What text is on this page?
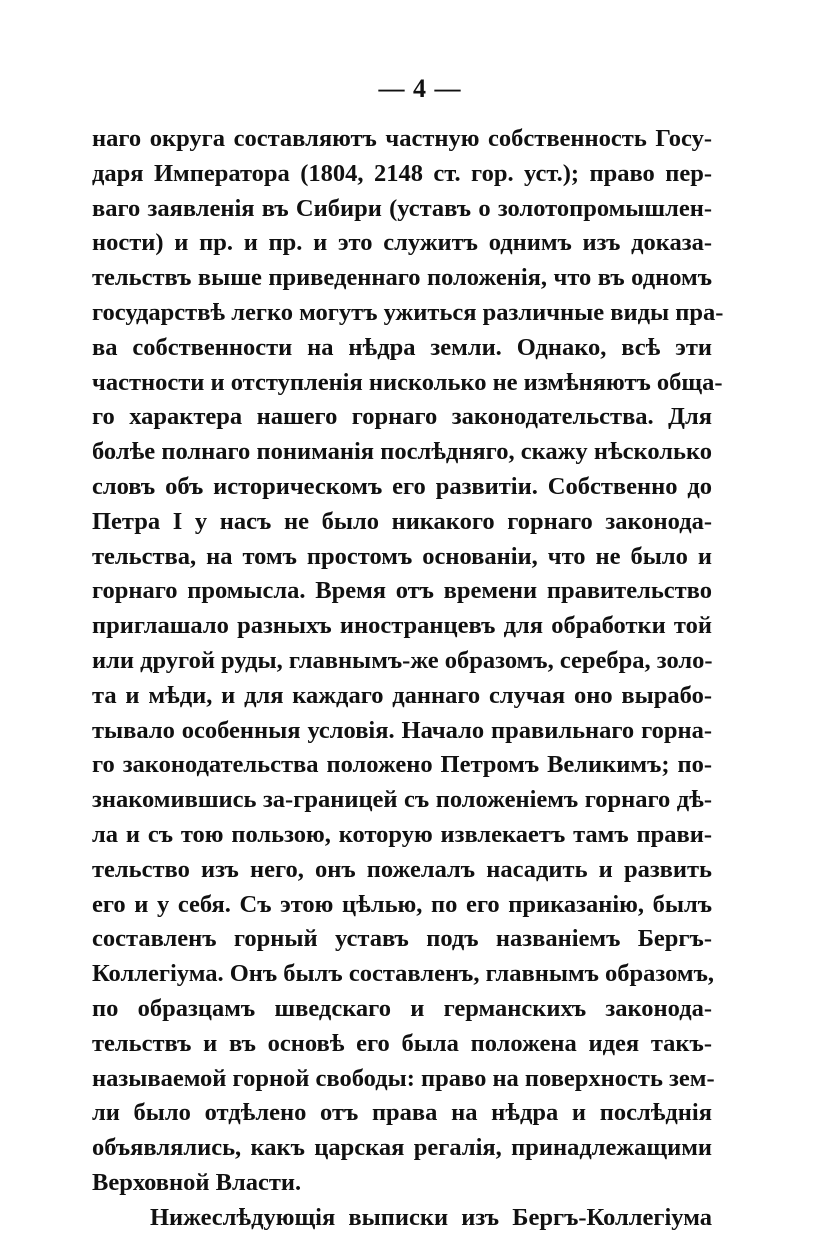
— 4 —
наго округа составляютъ частную собственность Госу-
даря Императора (1804, 2148 ст. гор. уст.); право пер-
ваго заявленія въ Сибири (уставъ о золотопромышлен-
ности) и пр. и пр. и это служитъ однимъ изъ доказа-
тельствъ выше приведеннаго положенія, что въ одномъ
государствѣ легко могутъ ужиться различные виды пра-
ва собственности на нѣдра земли. Однако, всѣ эти
частности и отступленія нисколько не измѣняютъ обща-
го характера нашего горнаго законодательства. Для
болѣе полнаго пониманія послѣдняго, скажу нѣсколько
словъ объ историческомъ его развитіи. Собственно до
Петра I у насъ не было никакого горнаго законода-
тельства, на томъ простомъ основаніи, что не было и
горнаго промысла. Время отъ времени правительство
приглашало разныхъ иностранцевъ для обработки той
или другой руды, главнымъ-же образомъ, серебра, золо-
та и мѣди, и для каждаго даннаго случая оно вырабо-
тывало особенныя условія. Начало правильнаго горна-
го законодательства положено Петромъ Великимъ; по-
знакомившись за-границей съ положеніемъ горнаго дѣ-
ла и съ тою пользою, которую извлекаетъ тамъ прави-
тельство изъ него, онъ пожелалъ насадить и развить
его и у себя. Съ этою цѣлью, по его приказанію, былъ
составленъ горный уставъ подъ названіемъ Бергъ-
Коллегіума. Онъ былъ составленъ, главнымъ образомъ,
по образцамъ шведскаго и германскихъ законода-
тельствъ и въ основѣ его была положена идея такъ-
называемой горной свободы: право на поверхность зем-
ли было отдѣлено отъ права на нѣдра и послѣднія
объявлялись, какъ царская регалія, принадлежащими
Верховной Власти.
Нижеслѣдующія выписки изъ Бергъ-Коллегіума
